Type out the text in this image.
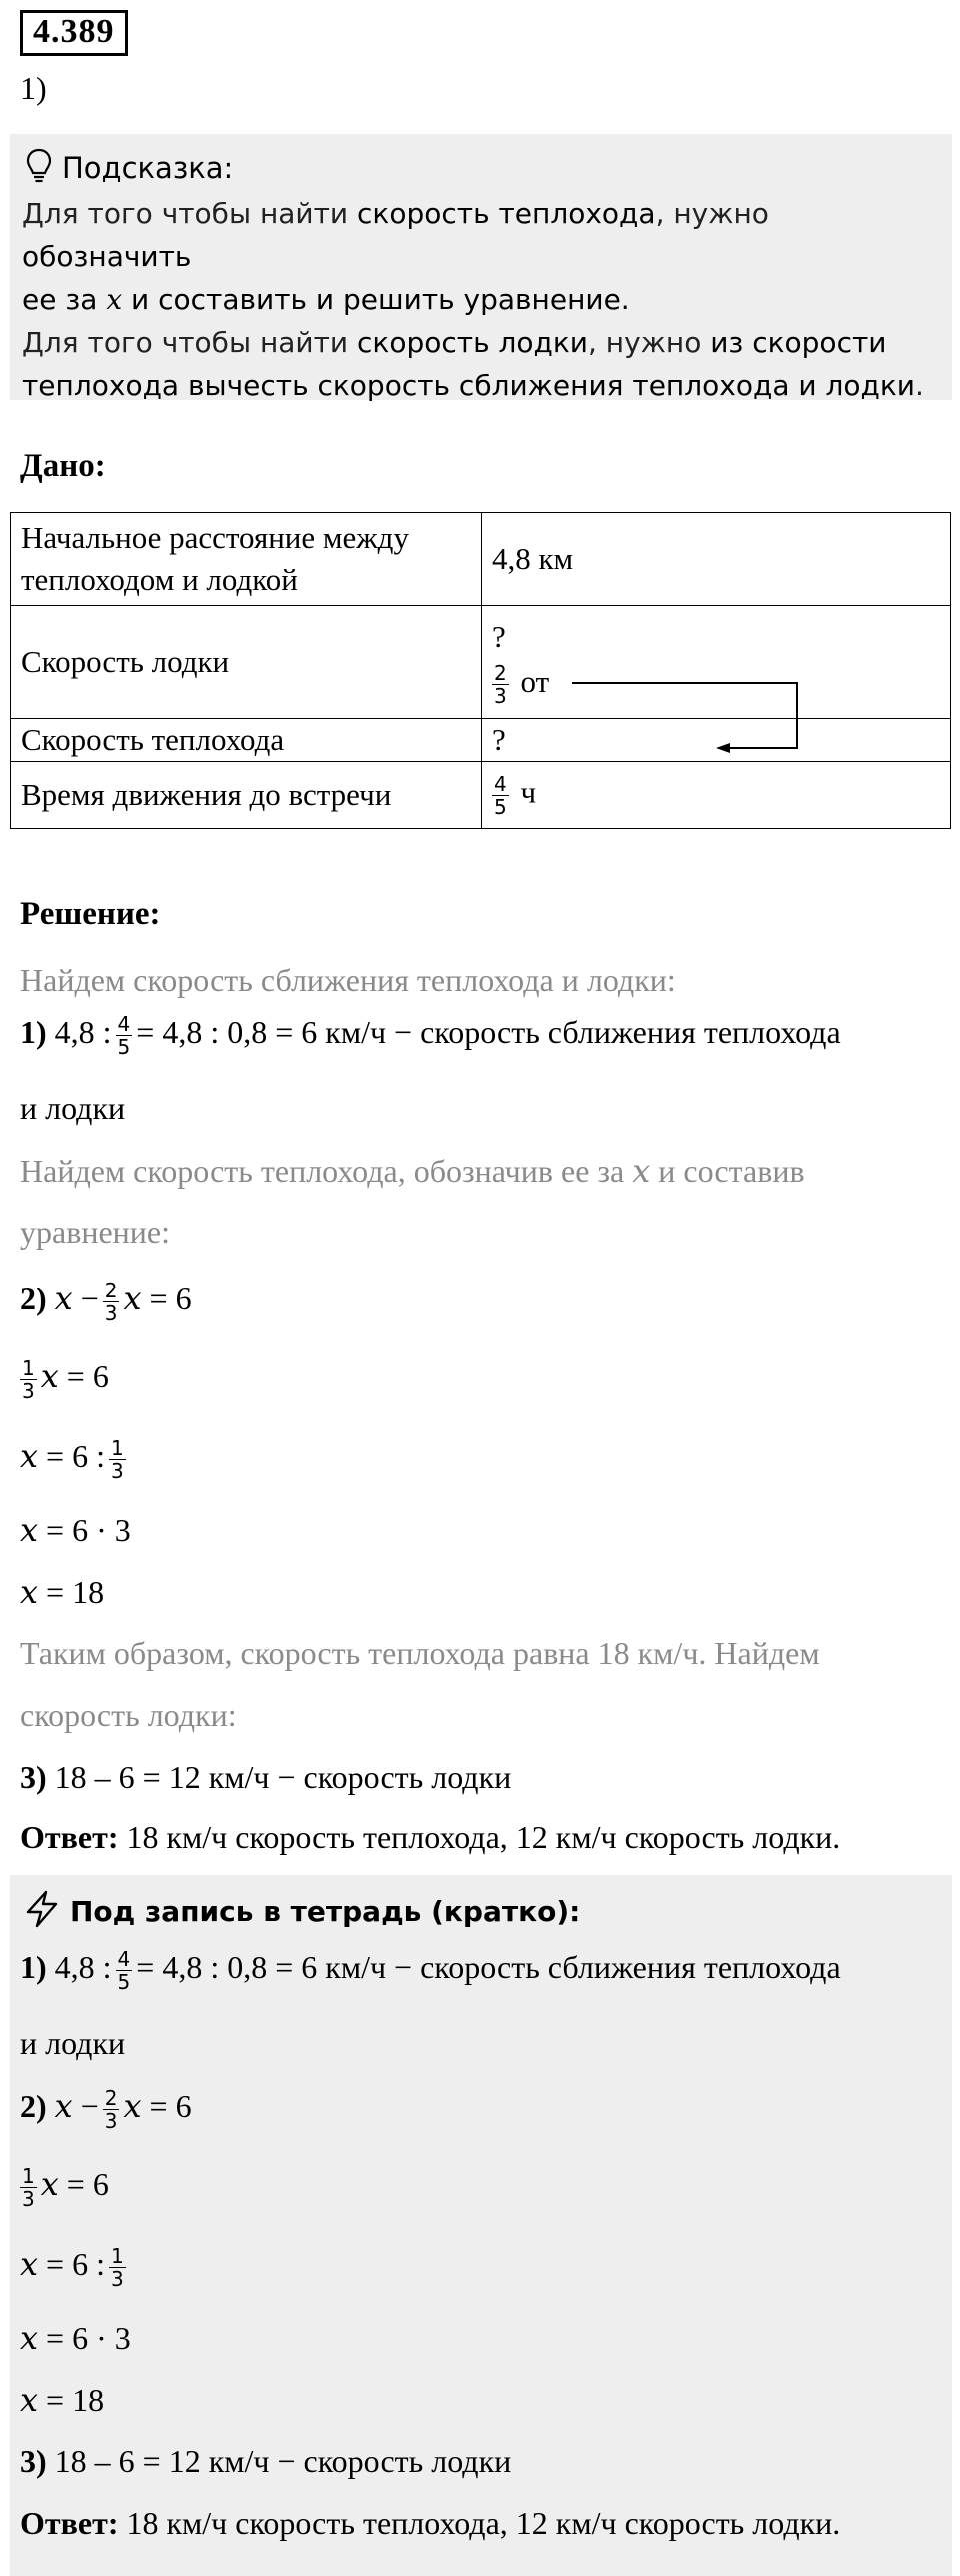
4.389
1)
Подсказка:
Для того чтобы найти скорость теплохода, нужно обозначить
ее за x и составить и решить уравнение.
Для того чтобы найти скорость лодки, нужно из скорости
теплохода вычесть скорость сближения теплохода и лодки.
Дано:
Начальное расстояние между
теплоходом и лодкой	4,8 км
Скорость лодки	?
$\frac{2}{3}$ от

Скорость теплохода	?
Время движения до встречи	$\frac{4}{5}$ ч
Решение:
Найдем скорость сближения теплохода и лодки:
1) 4,8 : $\frac{4}{5} = 4,8$ : 0,8 = 6 км/ч − скорость сближения теплохода
и лодки
Найдем скорость теплохода, обозначив ее за x и составив
уравнение:
2) $x - \frac{2}{3}$ x = 6
$\frac{1}{3}$ x = 6
x = 6 : $\frac{1}{3}$
x = 6 · 3
x = 18
Таким образом, скорость теплохода равна 18 км/ч. Найдем
скорость лодки:
3) 18 – 6 = 12 км/ч − скорость лодки
Ответ: 18 км/ч скорость теплохода, 12 км/ч скорость лодки.
Под запись в тетрадь (кратко):
1) 4,8 : $\frac{4}{5} = 4,8$ : 0,8 = 6 км/ч − скорость сближения теплохода
и лодки
2) $x - \frac{2}{3}$ x = 6
$\frac{1}{3}$ x = 6
x = 6 : $\frac{1}{3}$
x = 6 · 3
x = 18
3) 18 – 6 = 12 км/ч − скорость лодки
Ответ: 18 км/ч скорость теплохода, 12 км/ч скорость лодки.
